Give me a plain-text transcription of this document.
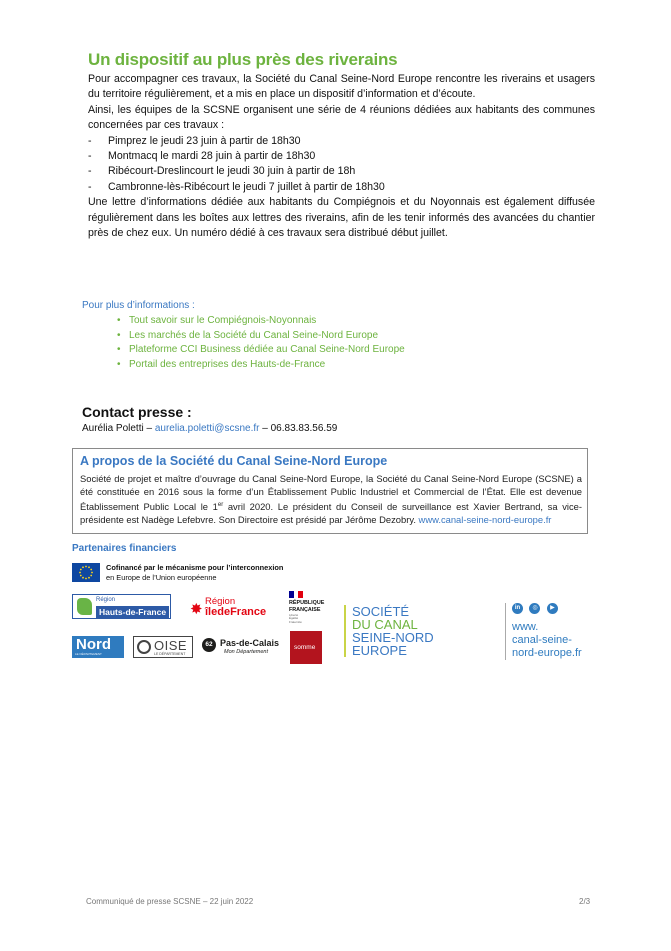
Un dispositif au plus près des riverains

Pour accompagner ces travaux, la Société du Canal Seine-Nord Europe rencontre les riverains et usagers du territoire régulièrement, et a mis en place un dispositif d’information et d’écoute.

Ainsi, les équipes de la SCSNE organisent une série de 4 réunions dédiées aux habitants des communes concernées par ces travaux :

- Pimprez le jeudi 23 juin à partir de 18h30
- Montmacq le mardi 28 juin à partir de 18h30
- Ribécourt-Dreslincourt le jeudi 30 juin à partir de 18h
- Cambronne-lès-Ribécourt le jeudi 7 juillet à partir de 18h30

Une lettre d’informations dédiée aux habitants du Compiégnois et du Noyonnais est également diffusée régulièrement dans les boîtes aux lettres des riverains, afin de les tenir informés des avancées du chantier près de chez eux. Un numéro dédié à ces travaux sera distribué début juillet.

Pour plus d’informations :

• Tout savoir sur le Compiégnois-Noyonnais
• Les marchés de la Société du Canal Seine-Nord Europe
• Plateforme CCI Business dédiée au Canal Seine-Nord Europe
• Portail des entreprises des Hauts-de-France
Contact presse :
Aurélia Poletti – aurelia.poletti@scsne.fr – 06.83.83.56.59
A propos de la Société du Canal Seine-Nord Europe

Société de projet et maître d’ouvrage du Canal Seine-Nord Europe, la Société du Canal Seine-Nord Europe (SCSNE) a été constituée en 2016 sous la forme d’un Établissement Public Industriel et Commercial de l’État. Elle est devenue Établissement Public Local le 1er avril 2020. Le président du Conseil de surveillance est Xavier Bertrand, sa vice-présidente est Nadège Lefebvre. Son Directoire est présidé par Jérôme Dezobry. www.canal-seine-nord-europe.fr

Partenaires financiers
Cofinancé par le mécanisme pour l’interconnexion
en Europe de l’Union européenne
Région
Hauts-de-France ✸ Région
îledeFrance
RÉPUBLIQUE
FRANÇAISE
Liberté
Égalité
Fraternité
Nord
LE DÉPARTEMENT
OISE
LE DÉPARTEMENT
62 Pas-de-Calais
Mon Département
somme
SOCIÉTÉ
DU CANAL
SEINE-NORD
EUROPE
in
	◎
	▶
www.
canal-seine-
nord-europe.fr
Communiqué de presse SCSNE – 22 juin 2022	2/3
